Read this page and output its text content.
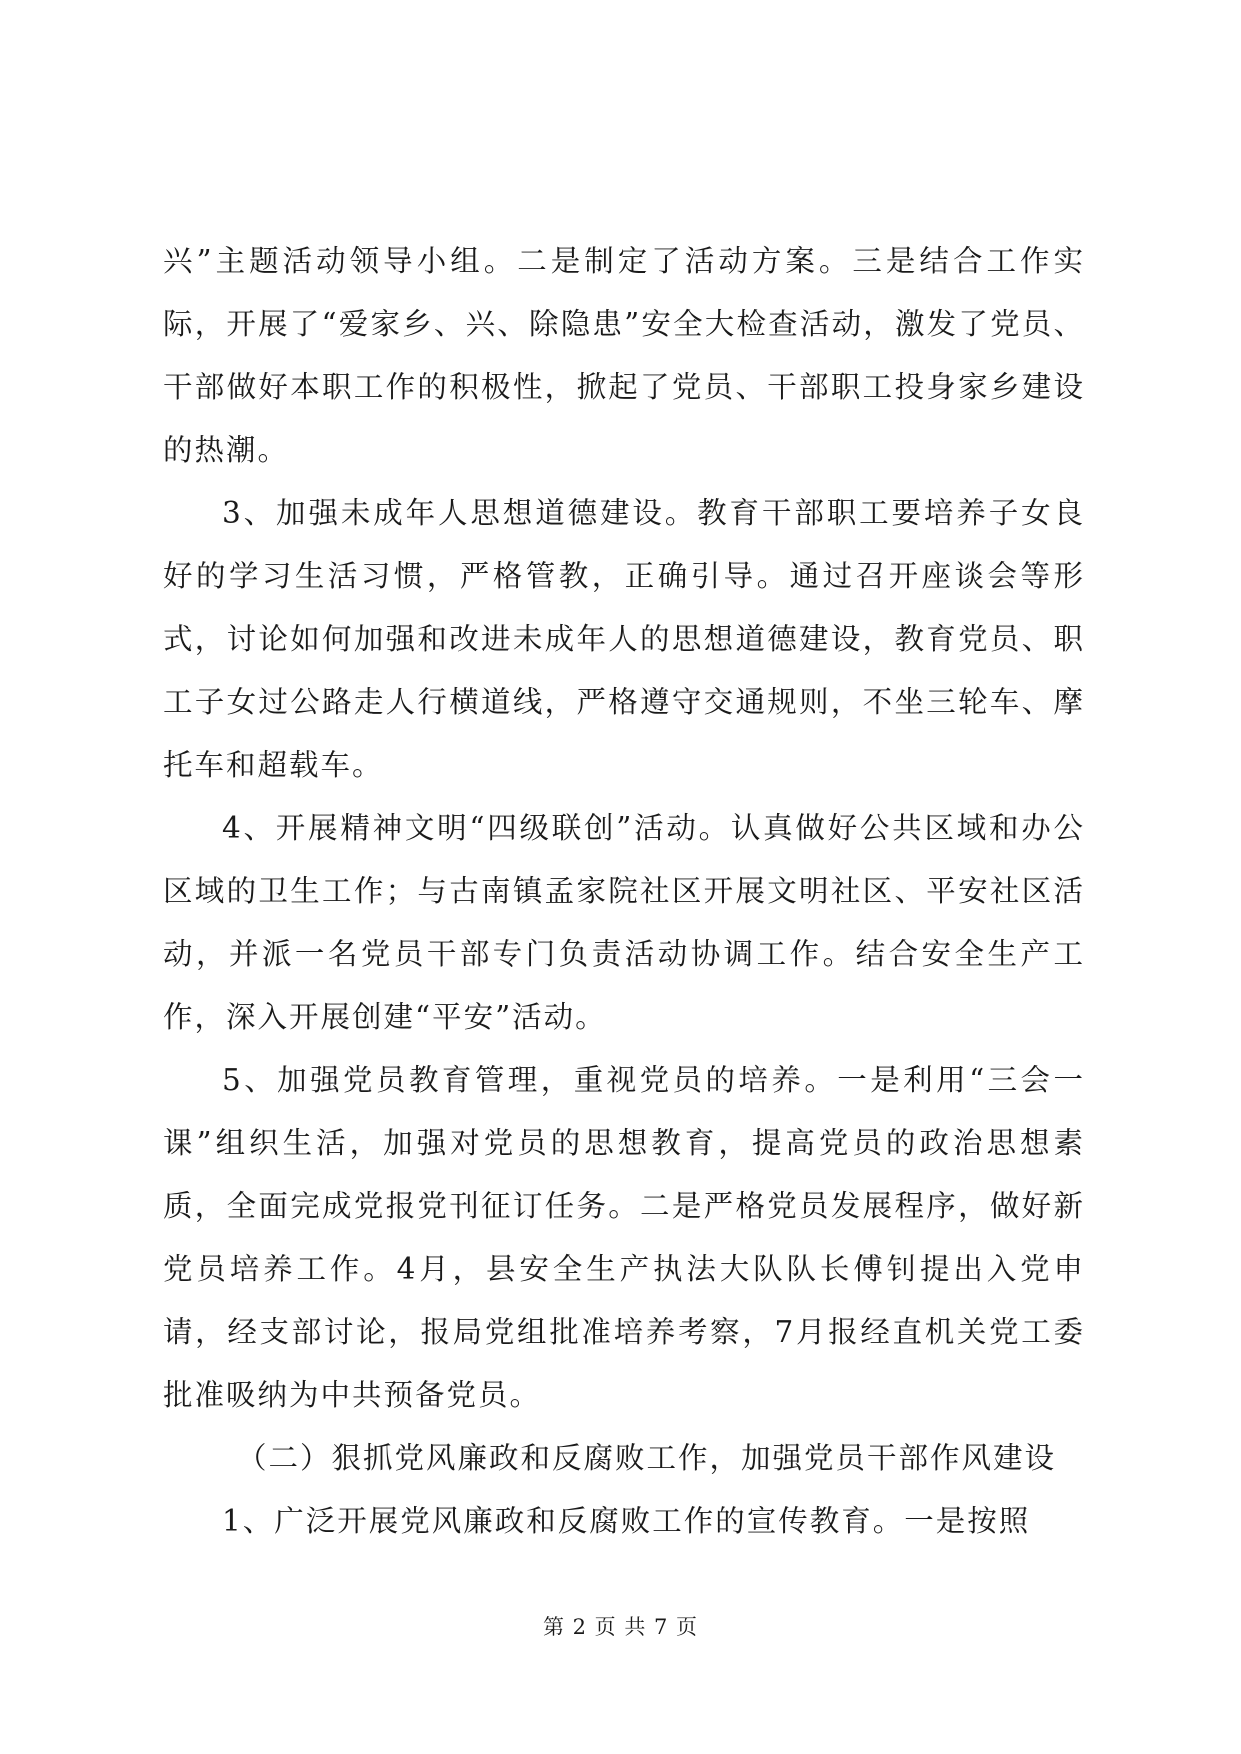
兴”主题活动领导小组。二是制定了活动方案。三是结合工作实际，开展了“爱家乡、兴、除隐患”安全大检查活动，激发了党员、干部做好本职工作的积极性，掀起了党员、干部职工投身家乡建设的热潮。

3、加强未成年人思想道德建设。教育干部职工要培养子女良好的学习生活习惯，严格管教，正确引导。通过召开座谈会等形式，讨论如何加强和改进未成年人的思想道德建设，教育党员、职工子女过公路走人行横道线，严格遵守交通规则，不坐三轮车、摩托车和超载车。

4、开展精神文明“四级联创”活动。认真做好公共区域和办公区域的卫生工作；与古南镇孟家院社区开展文明社区、平安社区活动，并派一名党员干部专门负责活动协调工作。结合安全生产工作，深入开展创建“平安”活动。

5、加强党员教育管理，重视党员的培养。一是利用“三会一课”组织生活，加强对党员的思想教育，提高党员的政治思想素质，全面完成党报党刊征订任务。二是严格党员发展程序，做好新党员培养工作。4月，县安全生产执法大队队长傅钊提出入党申请，经支部讨论，报局党组批准培养考察，7月报经直机关党工委批准吸纳为中共预备党员。

（二）狠抓党风廉政和反腐败工作，加强党员干部作风建设

1、广泛开展党风廉政和反腐败工作的宣传教育。一是按照

第 2 页 共 7 页
